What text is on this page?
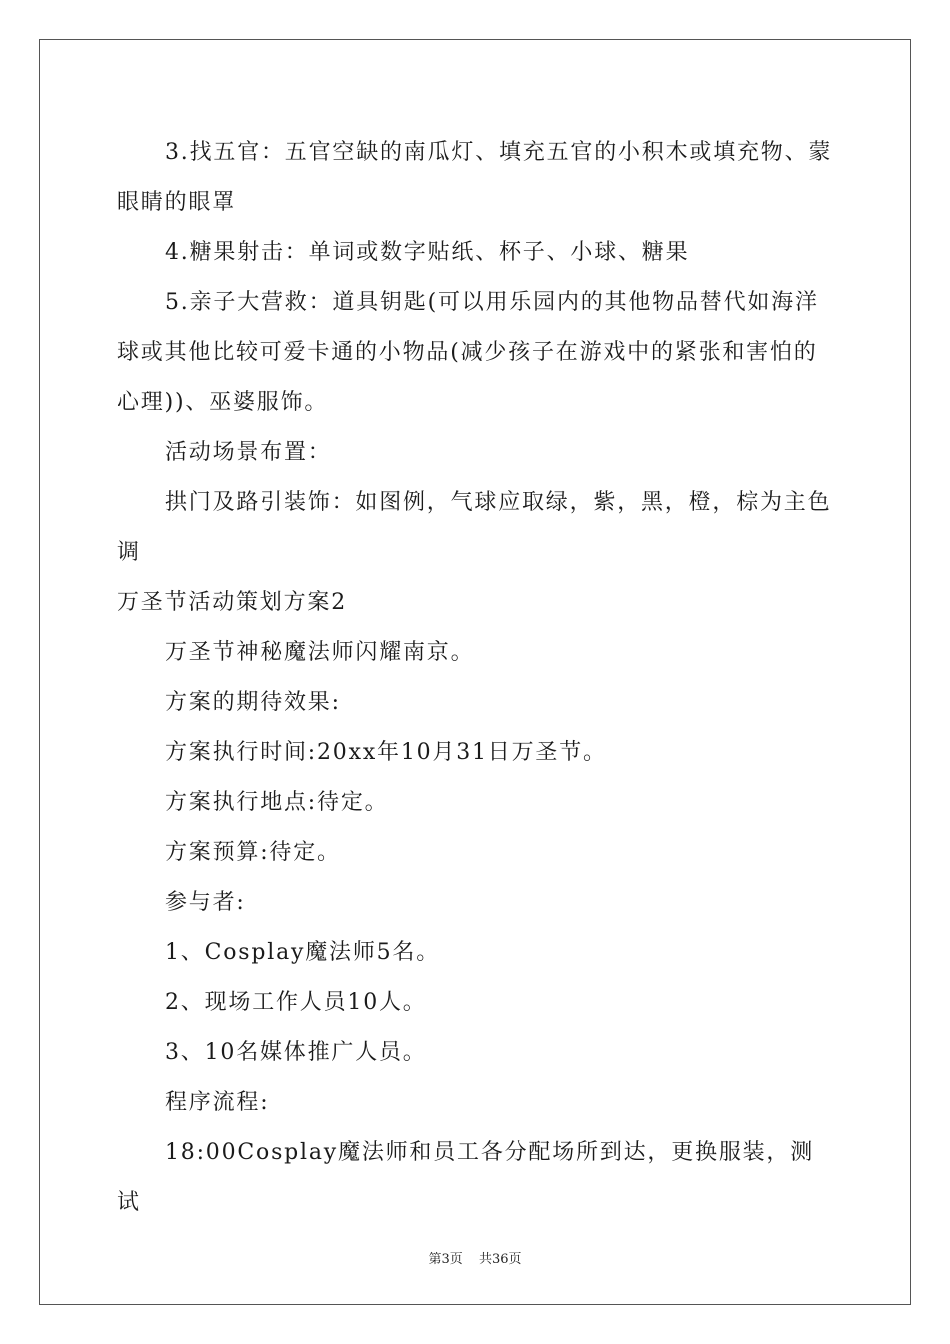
3.找五官：五官空缺的南瓜灯、填充五官的小积木或填充物、蒙眼睛的眼罩

4.糖果射击：单词或数字贴纸、杯子、小球、糖果

5.亲子大营救：道具钥匙(可以用乐园内的其他物品替代如海洋球或其他比较可爱卡通的小物品(减少孩子在游戏中的紧张和害怕的心理))、巫婆服饰。

活动场景布置：

拱门及路引装饰：如图例，气球应取绿，紫，黑，橙，棕为主色调

万圣节活动策划方案2

万圣节神秘魔法师闪耀南京。

方案的期待效果:

方案执行时间:20xx年10月31日万圣节。

方案执行地点:待定。

方案预算:待定。

参与者:

1、Cosplay魔法师5名。

2、现场工作人员10人。

3、10名媒体推广人员。

程序流程:

18:00Cosplay魔法师和员工各分配场所到达，更换服装，测试

第3页 共36页
